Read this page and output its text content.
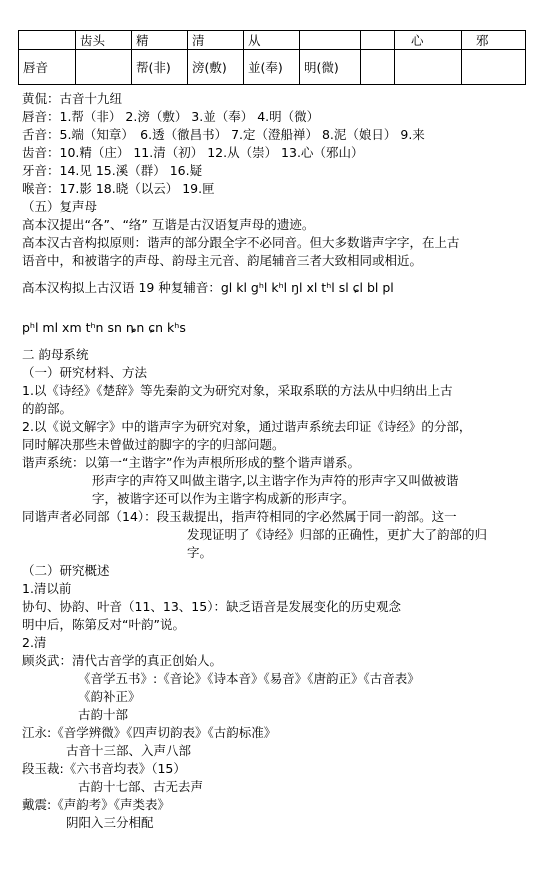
	齿头	精	清	从			心	邪
唇音		帮(非)	滂(敷)	並(奉)	明(微)			
黄侃：古音十九纽
唇音：1.帮（非） 2.滂（敷） 3.並（奉） 4.明（微）
舌音：5.端（知章）　6.透（徹昌书） 7.定（澄船禅） 8.泥（娘日） 9.来
齿音：10.精（庄） 11.清（初） 12.从（崇） 13.心（邪山）
牙音：14.见 15.溪（群） 16.疑
喉音：17.影 18.晓（以云） 19.匣
（五）复声母
高本汉提出“各”、“络” 互谐是古汉语复声母的遗迹。
高本汉古音构拟原则：谐声的部分跟全字不必同音。但大多数谐声字字，在上古
语音中，和被谐字的声母、韵母主元音、韵尾辅音三者大致相同或相近。
高本汉构拟上古汉语 19 种复辅音：gl kl gʰl kʰl ŋl xl tʰl sl ɕl bl pl
pʰl ml xm tʰn sn ȵn ɕn kʰs
二 韵母系统
（一）研究材料、方法
1.以《诗经》《楚辞》等先秦韵文为研究对象，采取系联的方法从中归纳出上古
的韵部。
2.以《说文解字》中的谐声字为研究对象，通过谐声系统去印证《诗经》的分部，
同时解决那些未曾做过韵脚字的字的归部问题。
谐声系统：以第一“主谐字”作为声根所形成的整个谐声谱系。
形声字的声符又叫做主谐字,以主谐字作为声符的形声字又叫做被谐
字，被谐字还可以作为主谐字构成新的形声字。
同谐声者必同部（14）：段玉裁提出，指声符相同的字必然属于同一韵部。这一
发现证明了《诗经》归部的正确性，更扩大了韵部的归
字。
（二）研究概述
1.清以前
协句、协韵、叶音（11、13、15）：缺乏语音是发展变化的历史观念
明中后，陈第反对“叶韵”说。
2.清
顾炎武：清代古音学的真正创始人。
《音学五书》:《音论》《诗本音》《易音》《唐韵正》《古音表》
《韵补正》
古韵十部
江永:《音学辨微》《四声切韵表》《古韵标准》
古音十三部、入声八部
段玉裁:《六书音均表》（15）
古韵十七部、古无去声
戴震:《声韵考》《声类表》
阴阳入三分相配
